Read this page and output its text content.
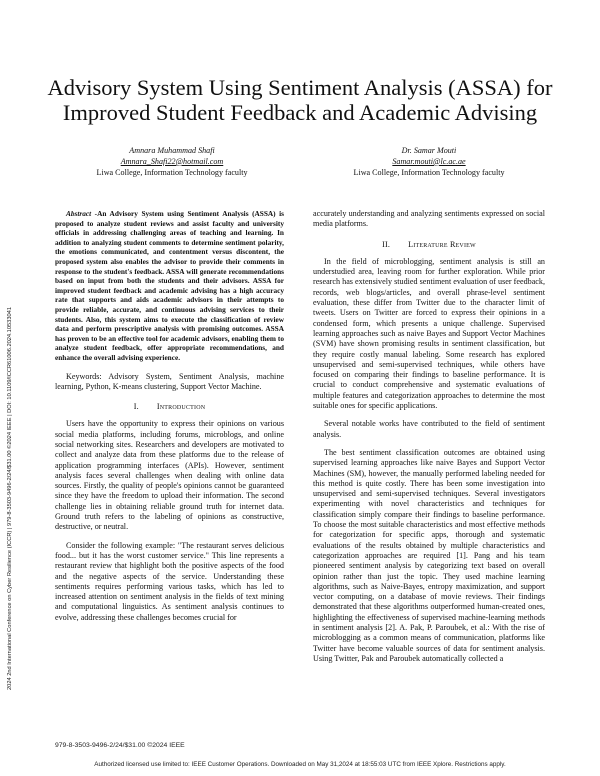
Advisory System Using Sentiment Analysis (ASSA) for Improved Student Feedback and Academic Advising
Amnara Muhammad Shafi
Amnara_Shafi22@hotmail.com
Liwa College, Information Technology faculty
Dr. Samar Mouti
Samar.mouti@lc.ac.ae
Liwa College, Information Technology faculty

Abstract -An Advisory System using Sentiment Analysis (ASSA) is proposed to analyze student reviews and assist faculty and university officials in addressing challenging areas of teaching and learning. In addition to analyzing student comments to determine sentiment polarity, the emotions communicated, and contentment versus discontent, the proposed system also enables the advisor to provide their comments in response to the student's feedback. ASSA will generate recommendations based on input from both the students and their advisors. ASSA for improved student feedback and academic advising has a high accuracy rate that supports and aids academic advisors in their attempts to provide reliable, accurate, and continuous advising services to their students. Also, this system aims to execute the classification of review data and perform prescriptive analysis with promising outcomes. ASSA has proven to be an effective tool for academic advisors, enabling them to analyze student feedback, offer appropriate recommendations, and enhance the overall advising experience.

Keywords: Advisory System, Sentiment Analysis, machine learning, Python, K-means clustering, Support Vector Machine.

I. Introduction

Users have the opportunity to express their opinions on various social media platforms, including forums, microblogs, and online social networking sites. Researchers and developers are motivated to collect and analyze data from these platforms due to the release of application programming interfaces (APIs). However, sentiment analysis faces several challenges when dealing with online data sources. Firstly, the quality of people's opinions cannot be guaranteed since they have the freedom to upload their information. The second challenge lies in obtaining reliable ground truth for internet data. Ground truth refers to the labeling of opinions as constructive, destructive, or neutral.

Consider the following example: "The restaurant serves delicious food... but it has the worst customer service." This line represents a restaurant review that highlight both the positive aspects of the food and the negative aspects of the service. Understanding these sentiments requires performing various tasks, which has led to increased attention on sentiment analysis in the fields of text mining and computational linguistics. As sentiment analysis continues to evolve, addressing these challenges becomes crucial for

accurately understanding and analyzing sentiments expressed on social media platforms.

II. Literature Review

In the field of microblogging, sentiment analysis is still an understudied area, leaving room for further exploration. While prior research has extensively studied sentiment evaluation of user feedback, records, web blogs/articles, and overall phrase-level sentiment evaluation, these differ from Twitter due to the character limit of tweets. Users on Twitter are forced to express their opinions in a condensed form, which presents a unique challenge. Supervised learning approaches such as naive Bayes and Support Vector Machines (SVM) have shown promising results in sentiment classification, but they require costly manual labeling. Some research has explored unsupervised and semi-supervised techniques, while others have focused on comparing their findings to baseline performance. It is crucial to conduct comprehensive and systematic evaluations of multiple features and categorization approaches to determine the most suitable ones for specific applications.

Several notable works have contributed to the field of sentiment analysis.

The best sentiment classification outcomes are obtained using supervised learning approaches like naive Bayes and Support Vector Machines (SM), however, the manually performed labeling needed for this method is quite costly. There has been some investigation into unsupervised and semi-supervised techniques. Several investigators experimenting with novel characteristics and techniques for classification simply compare their findings to baseline performance. To choose the most suitable characteristics and most effective methods for categorization for specific apps, thorough and systematic evaluations of the results obtained by multiple characteristics and categorization approaches are required [1]. Pang and his team pioneered sentiment analysis by categorizing text based on overall opinion rather than just the topic. They used machine learning algorithms, such as Naive-Bayes, entropy maximization, and support vector computing, on a database of movie reviews. Their findings demonstrated that these algorithms outperformed human-created ones, highlighting the effectiveness of supervised machine-learning methods in sentiment analysis [2]. A. Pak, P. Paroubek, et al.: With the rise of microblogging as a common means of communication, platforms like Twitter have become valuable sources of data for sentiment analysis. Using Twitter, Pak and Paroubek automatically collected a

2024 2nd International Conference on Cyber Resilience (ICCR) | 979-8-3503-9496-2/24/$31.00 ©2024 IEEE | DOI: 10.1109/ICCR61006.2024.10533041
979-8-3503-9496-2/24/$31.00 ©2024 IEEE
Authorized licensed use limited to: IEEE Customer Operations. Downloaded on May 31,2024 at 18:55:03 UTC from IEEE Xplore. Restrictions apply.
